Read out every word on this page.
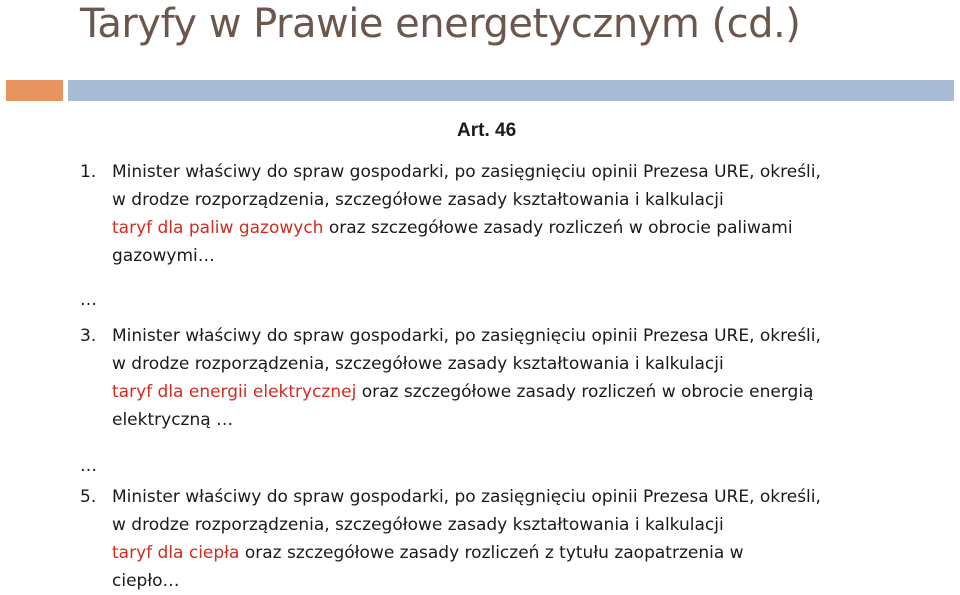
Taryfy w Prawie energetycznym (cd.)
Art. 46
1. Minister właściwy do spraw gospodarki, po zasięgnięciu opinii Prezesa URE, określi,
w drodze rozporządzenia, szczegółowe zasady kształtowania i kalkulacji
taryf dla paliw gazowych oraz szczegółowe zasady rozliczeń w obrocie paliwami
gazowymi…
…
3. Minister właściwy do spraw gospodarki, po zasięgnięciu opinii Prezesa URE, określi,
w drodze rozporządzenia, szczegółowe zasady kształtowania i kalkulacji
taryf dla energii elektrycznej oraz szczegółowe zasady rozliczeń w obrocie energią
elektryczną …
…
5. Minister właściwy do spraw gospodarki, po zasięgnięciu opinii Prezesa URE, określi,
w drodze rozporządzenia, szczegółowe zasady kształtowania i kalkulacji
taryf dla ciepła oraz szczegółowe zasady rozliczeń z tytułu zaopatrzenia w
ciepło…
